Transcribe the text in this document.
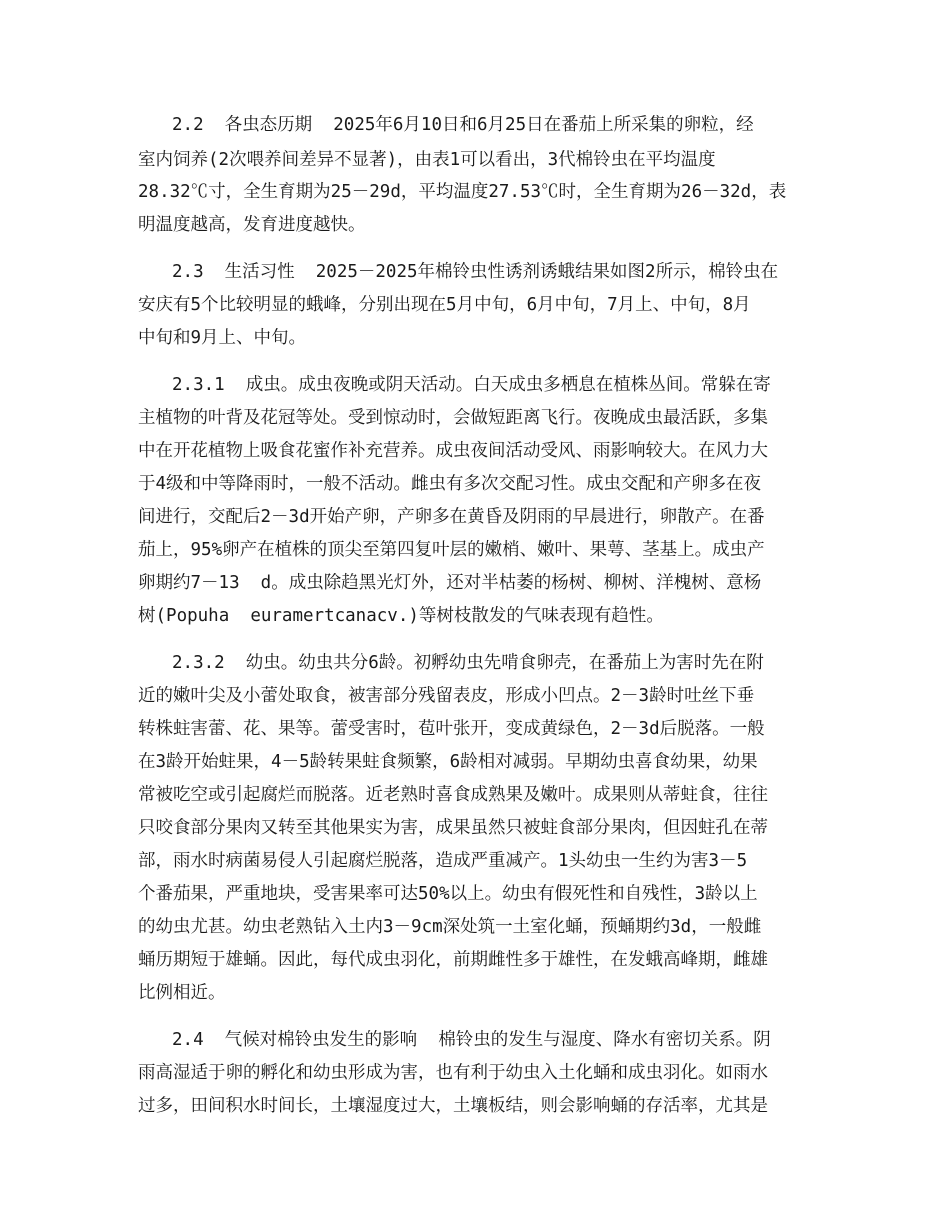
2.2  各虫态历期  2025年6月10日和6月25日在番茄上所采集的卵粒，经
室内饲养(2次喂养间差异不显著)，由表1可以看出，3代棉铃虫在平均温度
28.32℃寸，全生育期为25－29d，平均温度27.53℃时，全生育期为26－32d，表
明温度越高，发育进度越快。
2.3  生活习性  2025－2025年棉铃虫性诱剂诱蛾结果如图2所示，棉铃虫在
安庆有5个比较明显的蛾峰，分别出现在5月中旬，6月中旬，7月上、中旬，8月
中旬和9月上、中旬。
2.3.1  成虫。成虫夜晚或阴天活动。白天成虫多栖息在植株丛间。常躲在寄
主植物的叶背及花冠等处。受到惊动时，会做短距离飞行。夜晚成虫最活跃，多集
中在开花植物上吸食花蜜作补充营养。成虫夜间活动受风、雨影响较大。在风力大
于4级和中等降雨时，一般不活动。雌虫有多次交配习性。成虫交配和产卵多在夜
间进行，交配后2－3d开始产卵，产卵多在黄昏及阴雨的早晨进行，卵散产。在番
茄上，95%卵产在植株的顶尖至第四复叶层的嫩梢、嫩叶、果萼、茎基上。成虫产
卵期约7－13  d。成虫除趋黑光灯外，还对半枯萎的杨树、柳树、洋槐树、意杨
树(Popuha  euramertcanacv.)等树枝散发的气味表现有趋性。
2.3.2  幼虫。幼虫共分6龄。初孵幼虫先啃食卵壳，在番茄上为害时先在附
近的嫩叶尖及小蕾处取食，被害部分残留表皮，形成小凹点。2－3龄时吐丝下垂
转株蛀害蕾、花、果等。蕾受害时，苞叶张开，变成黄绿色，2－3d后脱落。一般
在3龄开始蛀果，4－5龄转果蛀食频繁，6龄相对减弱。早期幼虫喜食幼果，幼果
常被吃空或引起腐烂而脱落。近老熟时喜食成熟果及嫩叶。成果则从蒂蛀食，往往
只咬食部分果肉又转至其他果实为害，成果虽然只被蛀食部分果肉，但因蛀孔在蒂
部，雨水时病菌易侵人引起腐烂脱落，造成严重减产。1头幼虫一生约为害3－5
个番茄果，严重地块，受害果率可达50%以上。幼虫有假死性和自残性，3龄以上
的幼虫尤甚。幼虫老熟钻入土内3－9cm深处筑一土室化蛹，预蛹期约3d，一般雌
蛹历期短于雄蛹。因此，每代成虫羽化，前期雌性多于雄性，在发蛾高峰期，雌雄
比例相近。
2.4  气候对棉铃虫发生的影响  棉铃虫的发生与湿度、降水有密切关系。阴
雨高湿适于卵的孵化和幼虫形成为害，也有利于幼虫入土化蛹和成虫羽化。如雨水
过多，田间积水时间长，土壤湿度过大，土壤板结，则会影响蛹的存活率，尤其是
